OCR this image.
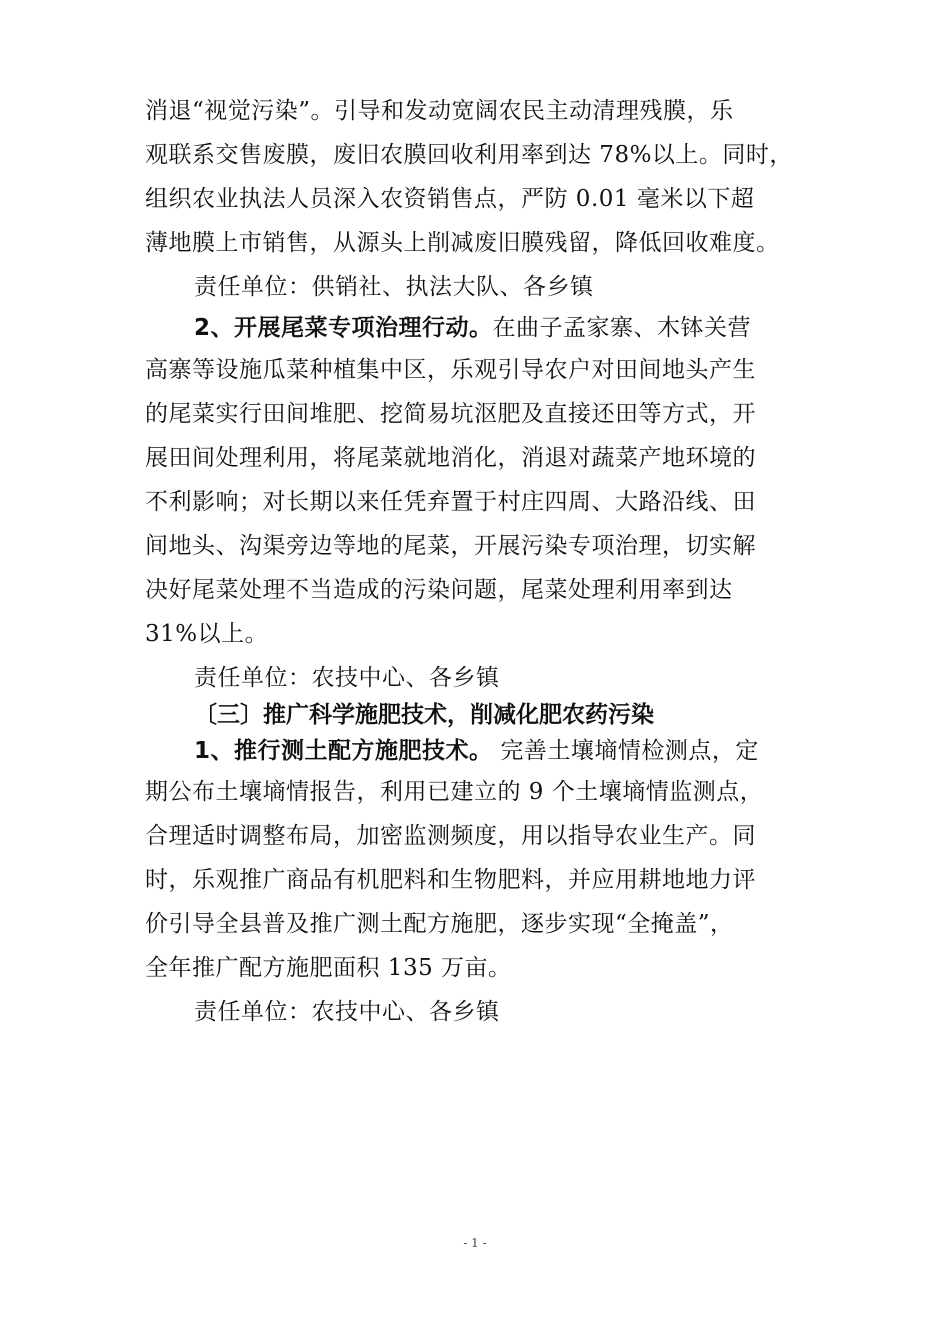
消退“视觉污染”。引导和发动宽阔农民主动清理残膜，乐
观联系交售废膜，废旧农膜回收利用率到达 78%以上。同时，
组织农业执法人员深入农资销售点，严防 0.01 毫米以下超
薄地膜上市销售，从源头上削减废旧膜残留，降低回收难度。
责任单位：供销社、执法大队、各乡镇
2、开展尾菜专项治理行动。在曲子孟家寨、木钵关营
高寨等设施瓜菜种植集中区，乐观引导农户对田间地头产生
的尾菜实行田间堆肥、挖简易坑沤肥及直接还田等方式，开
展田间处理利用，将尾菜就地消化，消退对蔬菜产地环境的
不利影响；对长期以来任凭弃置于村庄四周、大路沿线、田
间地头、沟渠旁边等地的尾菜，开展污染专项治理，切实解
决好尾菜处理不当造成的污染问题，尾菜处理利用率到达
31%以上。
责任单位：农技中心、各乡镇
〔三〕推广科学施肥技术，削减化肥农药污染
1、推行测土配方施肥技术。 完善土壤墒情检测点，定
期公布土壤墒情报告，利用已建立的 9 个土壤墒情监测点，
合理适时调整布局，加密监测频度，用以指导农业生产。同
时，乐观推广商品有机肥料和生物肥料，并应用耕地地力评
价引导全县普及推广测土配方施肥，逐步实现“全掩盖”，
全年推广配方施肥面积 135 万亩。
责任单位：农技中心、各乡镇
- 1 -
